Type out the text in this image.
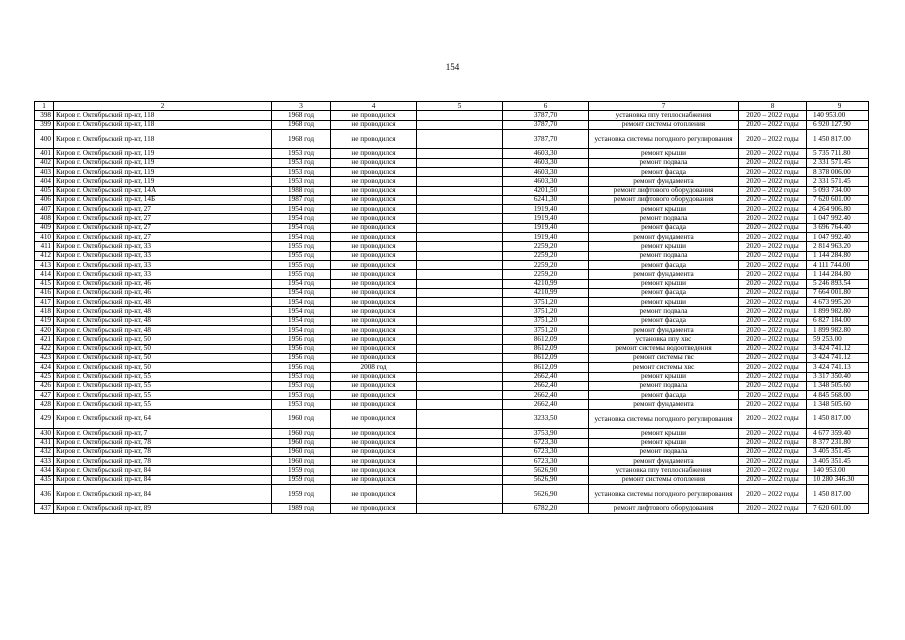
154
1	2	3	4	5	6	7	8	9
398	Киров г. Октябрьский пр-кт, 118	1968 год	не проводился		3787,70	установка ппу теплоснабжения	2020 – 2022 годы	140 953.00
399	Киров г. Октябрьский пр-кт, 118	1968 год	не проводился		3787,70	ремонт системы отопления	2020 – 2022 годы	6 920 127.90
400	Киров г. Октябрьский пр-кт, 118	1968 год	не проводился		3787,70	установка системы погодного регулирования	2020 – 2022 годы	1 450 817.00
401	Киров г. Октябрьский пр-кт, 119	1953 год	не проводился		4603,30	ремонт крыши	2020 – 2022 годы	5 735 711.80
402	Киров г. Октябрьский пр-кт, 119	1953 год	не проводился		4603,30	ремонт подвала	2020 – 2022 годы	2 331 571.45
403	Киров г. Октябрьский пр-кт, 119	1953 год	не проводился		4603,30	ремонт фасада	2020 – 2022 годы	8 378 006.00
404	Киров г. Октябрьский пр-кт, 119	1953 год	не проводился		4603,30	ремонт фундамента	2020 – 2022 годы	2 331 571.45
405	Киров г. Октябрьский пр-кт, 14А	1988 год	не проводился		4201,50	ремонт лифтового оборудования	2020 – 2022 годы	5 093 734.00
406	Киров г. Октябрьский пр-кт, 14Б	1987 год	не проводился		6241,30	ремонт лифтового оборудования	2020 – 2022 годы	7 620 601.00
407	Киров г. Октябрьский пр-кт, 27	1954 год	не проводился		1919,40	ремонт крыши	2020 – 2022 годы	4 264 906.80
408	Киров г. Октябрьский пр-кт, 27	1954 год	не проводился		1919,40	ремонт подвала	2020 – 2022 годы	1 047 992.40
409	Киров г. Октябрьский пр-кт, 27	1954 год	не проводился		1919,40	ремонт фасада	2020 – 2022 годы	3 696 764.40
410	Киров г. Октябрьский пр-кт, 27	1954 год	не проводился		1919,40	ремонт фундамента	2020 – 2022 годы	1 047 992.40
411	Киров г. Октябрьский пр-кт, 33	1955 год	не проводился		2259,20	ремонт крыши	2020 – 2022 годы	2 814 963.20
412	Киров г. Октябрьский пр-кт, 33	1955 год	не проводился		2259,20	ремонт подвала	2020 – 2022 годы	1 144 284.80
413	Киров г. Октябрьский пр-кт, 33	1955 год	не проводился		2259,20	ремонт фасада	2020 – 2022 годы	4 111 744.00
414	Киров г. Октябрьский пр-кт, 33	1955 год	не проводился		2259,20	ремонт фундамента	2020 – 2022 годы	1 144 284.80
415	Киров г. Октябрьский пр-кт, 46	1954 год	не проводился		4210,99	ремонт крыши	2020 – 2022 годы	5 246 893.54
416	Киров г. Октябрьский пр-кт, 46	1954 год	не проводился		4210,99	ремонт фасада	2020 – 2022 годы	7 664 001.80
417	Киров г. Октябрьский пр-кт, 48	1954 год	не проводился		3751,20	ремонт крыши	2020 – 2022 годы	4 673 995.20
418	Киров г. Октябрьский пр-кт, 48	1954 год	не проводился		3751,20	ремонт подвала	2020 – 2022 годы	1 899 982.80
419	Киров г. Октябрьский пр-кт, 48	1954 год	не проводился		3751,20	ремонт фасада	2020 – 2022 годы	6 827 184.00
420	Киров г. Октябрьский пр-кт, 48	1954 год	не проводился		3751,20	ремонт фундамента	2020 – 2022 годы	1 899 982.80
421	Киров г. Октябрьский пр-кт, 50	1956 год	не проводился		8612,09	установка ппу хвс	2020 – 2022 годы	59 253.00
422	Киров г. Октябрьский пр-кт, 50	1956 год	не проводился		8612,09	ремонт системы водоотведения	2020 – 2022 годы	3 424 741.12
423	Киров г. Октябрьский пр-кт, 50	1956 год	не проводился		8612,09	ремонт системы гвс	2020 – 2022 годы	3 424 741.12
424	Киров г. Октябрьский пр-кт, 50	1956 год	2008 год		8612,09	ремонт системы хвс	2020 – 2022 годы	3 424 741.13
425	Киров г. Октябрьский пр-кт, 55	1953 год	не проводился		2662,40	ремонт крыши	2020 – 2022 годы	3 317 350.40
426	Киров г. Октябрьский пр-кт, 55	1953 год	не проводился		2662,40	ремонт подвала	2020 – 2022 годы	1 348 505.60
427	Киров г. Октябрьский пр-кт, 55	1953 год	не проводился		2662,40	ремонт фасада	2020 – 2022 годы	4 845 568.00
428	Киров г. Октябрьский пр-кт, 55	1953 год	не проводился		2662,40	ремонт фундамента	2020 – 2022 годы	1 348 505.60
429	Киров г. Октябрьский пр-кт, 64	1960 год	не проводился		3233,50	установка системы погодного регулирования	2020 – 2022 годы	1 450 817.00
430	Киров г. Октябрьский пр-кт, 7	1960 год	не проводился		3753,90	ремонт крыши	2020 – 2022 годы	4 677 359.40
431	Киров г. Октябрьский пр-кт, 78	1960 год	не проводился		6723,30	ремонт крыши	2020 – 2022 годы	8 377 231.80
432	Киров г. Октябрьский пр-кт, 78	1960 год	не проводился		6723,30	ремонт подвала	2020 – 2022 годы	3 405 351.45
433	Киров г. Октябрьский пр-кт, 78	1960 год	не проводился		6723,30	ремонт фундамента	2020 – 2022 годы	3 405 351.45
434	Киров г. Октябрьский пр-кт, 84	1959 год	не проводился		5626,90	установка ппу теплоснабжения	2020 – 2022 годы	140 953.00
435	Киров г. Октябрьский пр-кт, 84	1959 год	не проводился		5626,90	ремонт системы отопления	2020 – 2022 годы	10 280 346.30
436	Киров г. Октябрьский пр-кт, 84	1959 год	не проводился		5626,90	установка системы погодного регулирования	2020 – 2022 годы	1 450 817.00
437	Киров г. Октябрьский пр-кт, 89	1989 год	не проводился		6782,20	ремонт лифтового оборудования	2020 – 2022 годы	7 620 601.00
